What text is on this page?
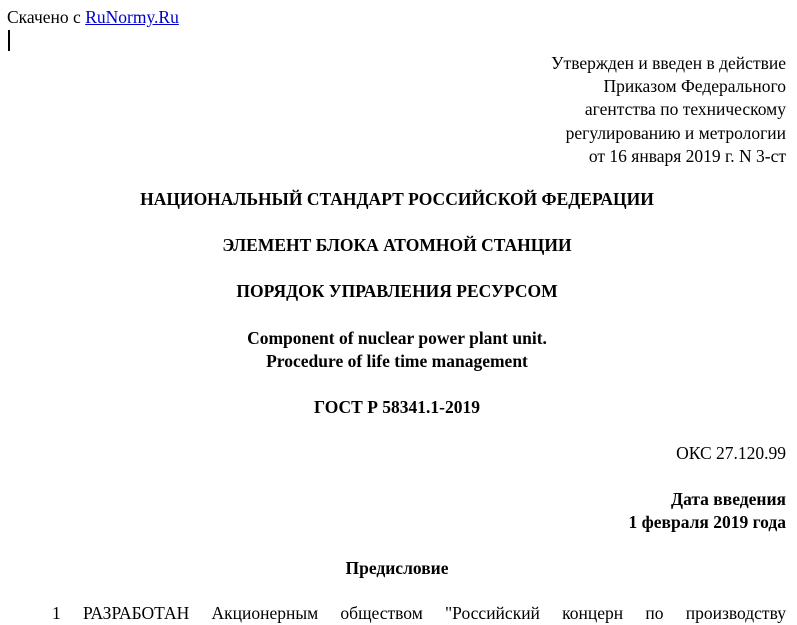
Скачено с RuNormy.Ru
Утвержден и введен в действие
Приказом Федерального
агентства по техническому
регулированию и метрологии
от 16 января 2019 г. N 3-ст
НАЦИОНАЛЬНЫЙ СТАНДАРТ РОССИЙСКОЙ ФЕДЕРАЦИИ
ЭЛЕМЕНТ БЛОКА АТОМНОЙ СТАНЦИИ
ПОРЯДОК УПРАВЛЕНИЯ РЕСУРСОМ
Component of nuclear power plant unit.
Procedure of life time management
ГОСТ Р 58341.1-2019
ОКС 27.120.99
Дата введения
1 февраля 2019 года
Предисловие
1 РАЗРАБОТАН Акционерным обществом "Российский концерн по производству
